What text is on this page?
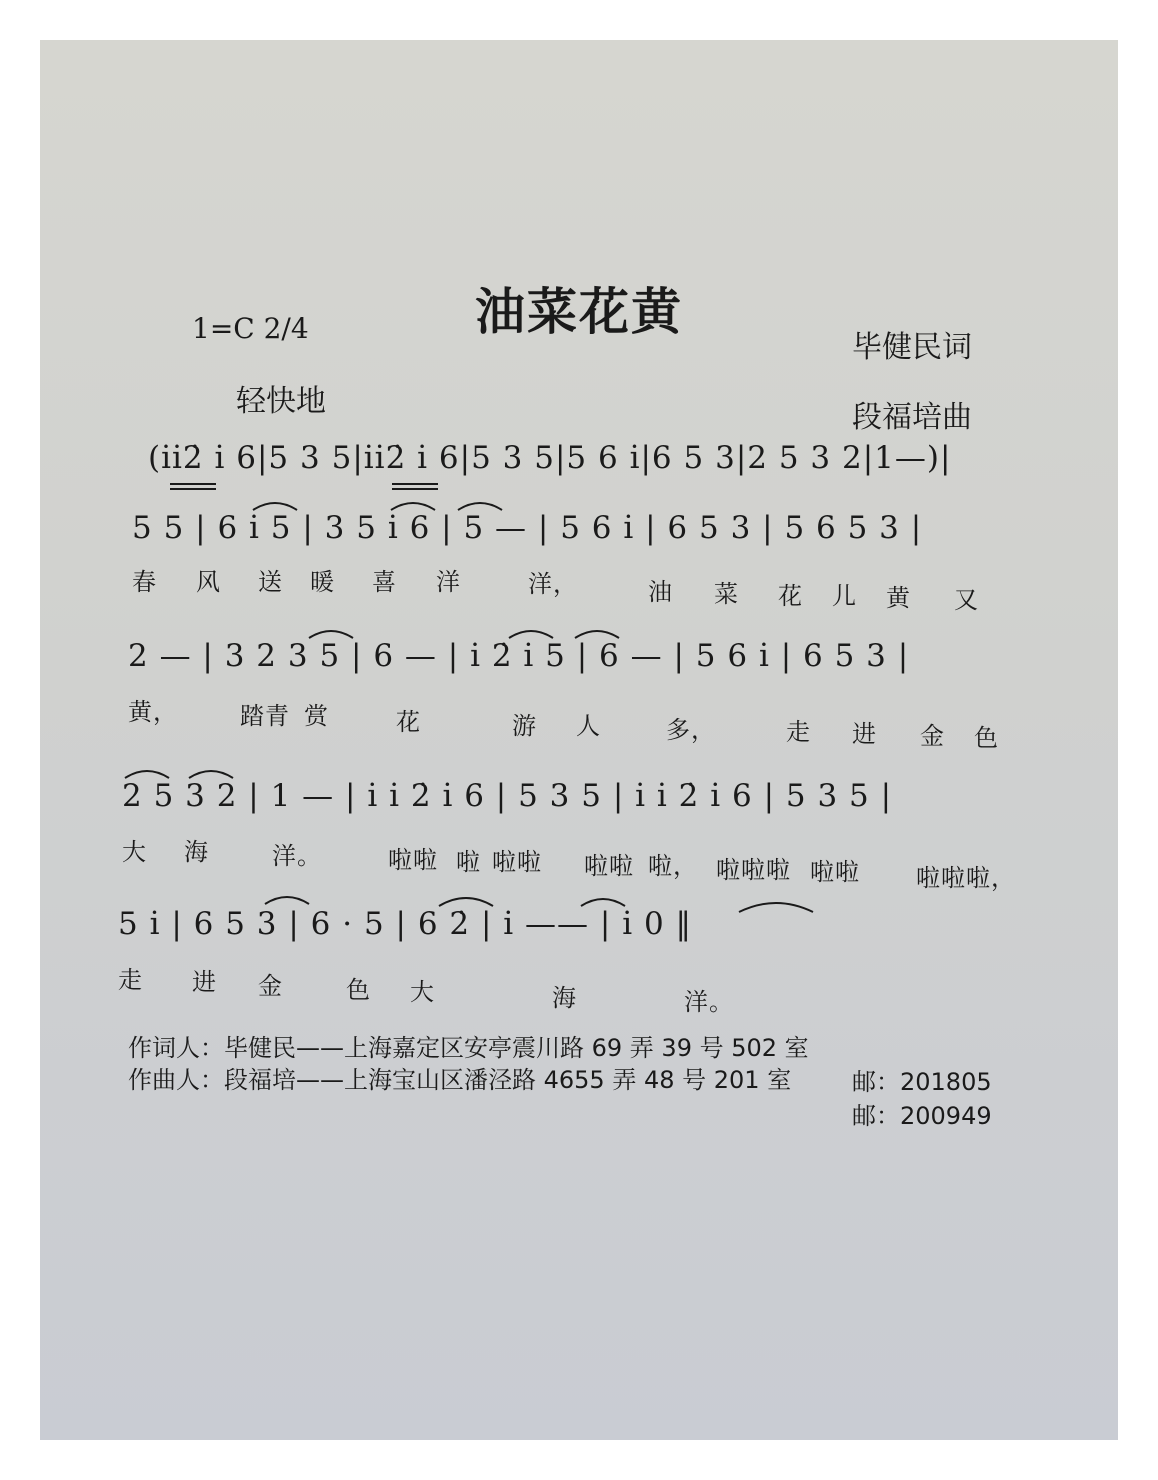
油菜花黄
1=C 2/4
轻快地
毕健民词
段福培曲
(i̇i̇2̇ i̇ 6|5 3 5|i̇i̇2̇ i̇ 6|5 3 5|5 6 i̇|6 5 3|2 5 3 2|1—)|
5 5 | 6 i̇ 5 | 3 5 i̇ 6 | 5 — | 5 6 i̇ | 6 5 3 | 5 6 5 3 |
春 风 送 暖 喜 洋	洋，	油 菜 花 儿 黄 又
2 — | 3 2 3 5 | 6 — | i̇ 2̇ i̇ 5 | 6 — | 5 6 i̇ | 6 5 3 |
黄，	踏青 赏	花	游 人	多，	走 进 金 色
2 5 3 2 | 1 — | i̇ i̇ 2̇ i̇ 6 | 5 3 5 | i̇ i̇ 2̇ i̇ 6 | 5 3 5 |
大 海	洋。	啦啦 啦 啦啦 啦啦 啦， 啦啦啦 啦啦 啦啦啦，
5 i̇ | 6 5 3 | 6 · 5 | 6 2̇ | i̇ —— | i̇ 0 ‖
走 进 金	色 大	海	洋。
作词人：毕健民——上海嘉定区安亭震川路 69 弄 39 号 502 室
邮：201805
作曲人：段福培——上海宝山区潘泾路 4655 弄 48 号 201 室
邮：200949
